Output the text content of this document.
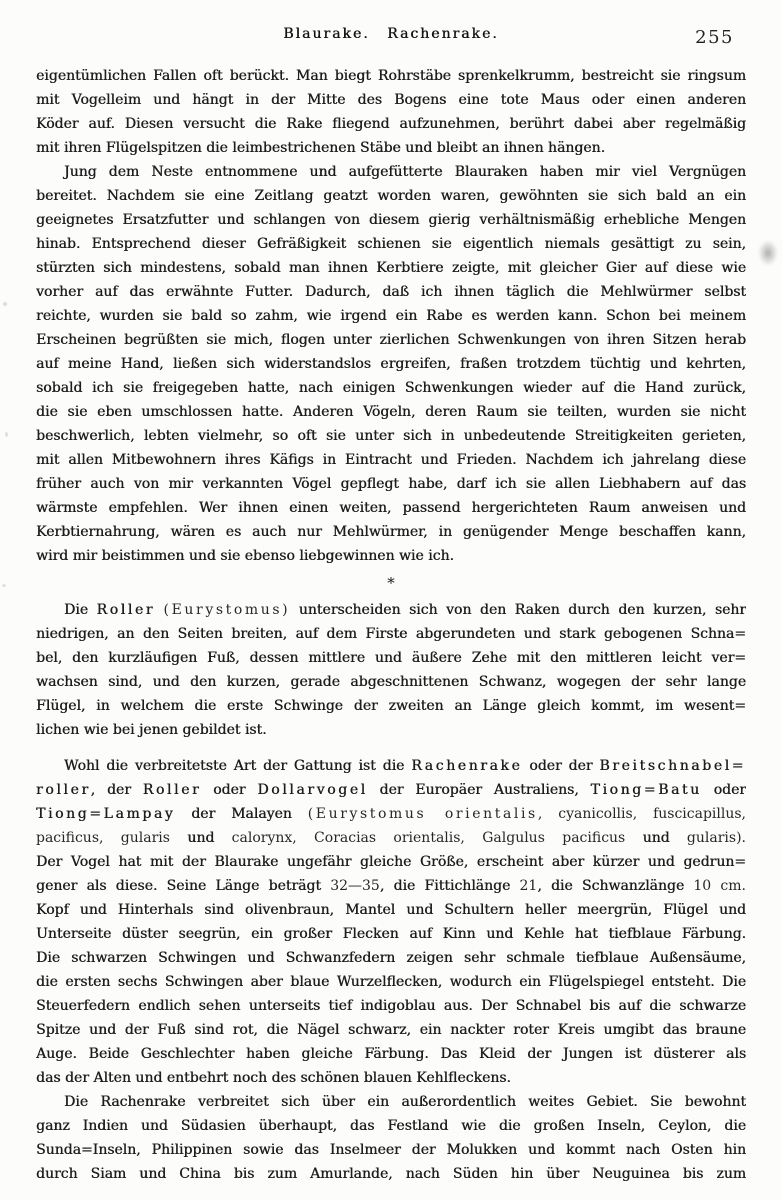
Blaurake. Rachenrake.	255
eigentümlichen Fallen oft berückt. Man biegt Rohrstäbe sprenkelkrumm, bestreicht sie ringsum
mit Vogelleim und hängt in der Mitte des Bogens eine tote Maus oder einen anderen
Köder auf. Diesen versucht die Rake fliegend aufzunehmen, berührt dabei aber regelmäßig
mit ihren Flügelspitzen die leimbestrichenen Stäbe und bleibt an ihnen hängen.
Jung dem Neste entnommene und aufgefütterte Blauraken haben mir viel Vergnügen
bereitet. Nachdem sie eine Zeitlang geatzt worden waren, gewöhnten sie sich bald an ein
geeignetes Ersatzfutter und schlangen von diesem gierig verhältnismäßig erhebliche Mengen
hinab. Entsprechend dieser Gefräßigkeit schienen sie eigentlich niemals gesättigt zu sein,
stürzten sich mindestens, sobald man ihnen Kerbtiere zeigte, mit gleicher Gier auf diese wie
vorher auf das erwähnte Futter. Dadurch, daß ich ihnen täglich die Mehlwürmer selbst
reichte, wurden sie bald so zahm, wie irgend ein Rabe es werden kann. Schon bei meinem
Erscheinen begrüßten sie mich, flogen unter zierlichen Schwenkungen von ihren Sitzen herab
auf meine Hand, ließen sich widerstandslos ergreifen, fraßen trotzdem tüchtig und kehrten,
sobald ich sie freigegeben hatte, nach einigen Schwenkungen wieder auf die Hand zurück,
die sie eben umschlossen hatte. Anderen Vögeln, deren Raum sie teilten, wurden sie nicht
beschwerlich, lebten vielmehr, so oft sie unter sich in unbedeutende Streitigkeiten gerieten,
mit allen Mitbewohnern ihres Käfigs in Eintracht und Frieden. Nachdem ich jahrelang diese
früher auch von mir verkannten Vögel gepflegt habe, darf ich sie allen Liebhabern auf das
wärmste empfehlen. Wer ihnen einen weiten, passend hergerichteten Raum anweisen und
Kerbtiernahrung, wären es auch nur Mehlwürmer, in genügender Menge beschaffen kann,
wird mir beistimmen und sie ebenso liebgewinnen wie ich.
*
Die Roller (Eurystomus) unterscheiden sich von den Raken durch den kurzen, sehr
niedrigen, an den Seiten breiten, auf dem Firste abgerundeten und stark gebogenen Schna=
bel, den kurzläufigen Fuß, dessen mittlere und äußere Zehe mit den mittleren leicht ver=
wachsen sind, und den kurzen, gerade abgeschnittenen Schwanz, wogegen der sehr lange
Flügel, in welchem die erste Schwinge der zweiten an Länge gleich kommt, im wesent=
lichen wie bei jenen gebildet ist.
Wohl die verbreitetste Art der Gattung ist die Rachenrake oder der Breitschnabel=
roller, der Roller oder Dollarvogel der Europäer Australiens, Tiong=Batu oder
Tiong=Lampay der Malayen (Eurystomus orientalis, cyanicollis, fuscicapillus,
pacificus, gularis und calorynx, Coracias orientalis, Galgulus pacificus und gularis).
Der Vogel hat mit der Blaurake ungefähr gleiche Größe, erscheint aber kürzer und gedrun=
gener als diese. Seine Länge beträgt 32—35, die Fittichlänge 21, die Schwanzlänge 10 cm.
Kopf und Hinterhals sind olivenbraun, Mantel und Schultern heller meergrün, Flügel und
Unterseite düster seegrün, ein großer Flecken auf Kinn und Kehle hat tiefblaue Färbung.
Die schwarzen Schwingen und Schwanzfedern zeigen sehr schmale tiefblaue Außensäume,
die ersten sechs Schwingen aber blaue Wurzelflecken, wodurch ein Flügelspiegel entsteht. Die
Steuerfedern endlich sehen unterseits tief indigoblau aus. Der Schnabel bis auf die schwarze
Spitze und der Fuß sind rot, die Nägel schwarz, ein nackter roter Kreis umgibt das braune
Auge. Beide Geschlechter haben gleiche Färbung. Das Kleid der Jungen ist düsterer als
das der Alten und entbehrt noch des schönen blauen Kehlfleckens.
Die Rachenrake verbreitet sich über ein außerordentlich weites Gebiet. Sie bewohnt
ganz Indien und Südasien überhaupt, das Festland wie die großen Inseln, Ceylon, die
Sunda=Inseln, Philippinen sowie das Inselmeer der Molukken und kommt nach Osten hin
durch Siam und China bis zum Amurlande, nach Süden hin über Neuguinea bis zum
